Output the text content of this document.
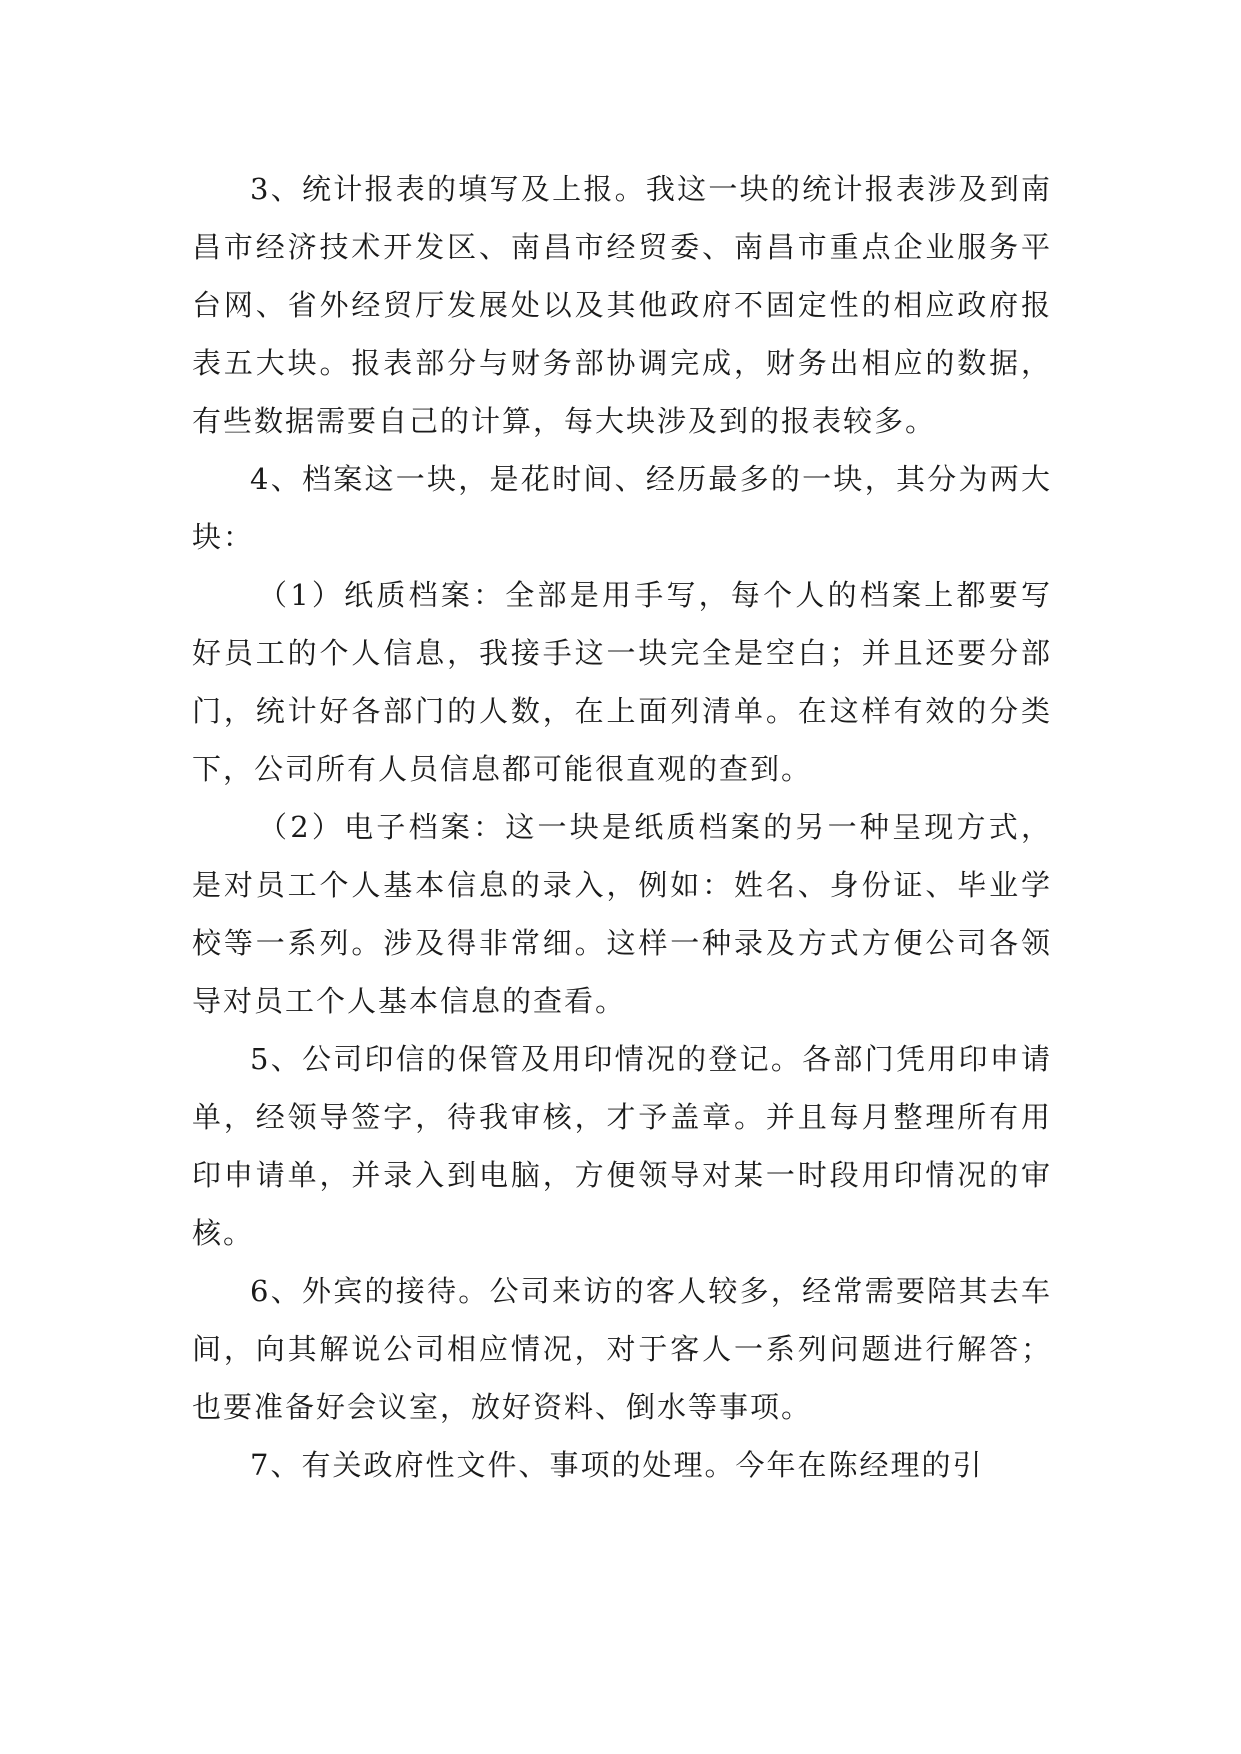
3、统计报表的填写及上报。我这一块的统计报表涉及到南昌市经济技术开发区、南昌市经贸委、南昌市重点企业服务平台网、省外经贸厅发展处以及其他政府不固定性的相应政府报表五大块。报表部分与财务部协调完成，财务出相应的数据，有些数据需要自己的计算，每大块涉及到的报表较多。

4、档案这一块，是花时间、经历最多的一块，其分为两大块：

（1）纸质档案：全部是用手写，每个人的档案上都要写好员工的个人信息，我接手这一块完全是空白；并且还要分部门，统计好各部门的人数，在上面列清单。在这样有效的分类下，公司所有人员信息都可能很直观的查到。

（2）电子档案：这一块是纸质档案的另一种呈现方式，是对员工个人基本信息的录入，例如：姓名、身份证、毕业学校等一系列。涉及得非常细。这样一种录及方式方便公司各领导对员工个人基本信息的查看。

5、公司印信的保管及用印情况的登记。各部门凭用印申请单，经领导签字，待我审核，才予盖章。并且每月整理所有用印申请单，并录入到电脑，方便领导对某一时段用印情况的审核。

6、外宾的接待。公司来访的客人较多，经常需要陪其去车间，向其解说公司相应情况，对于客人一系列问题进行解答；也要准备好会议室，放好资料、倒水等事项。

7、有关政府性文件、事项的处理。今年在陈经理的引
